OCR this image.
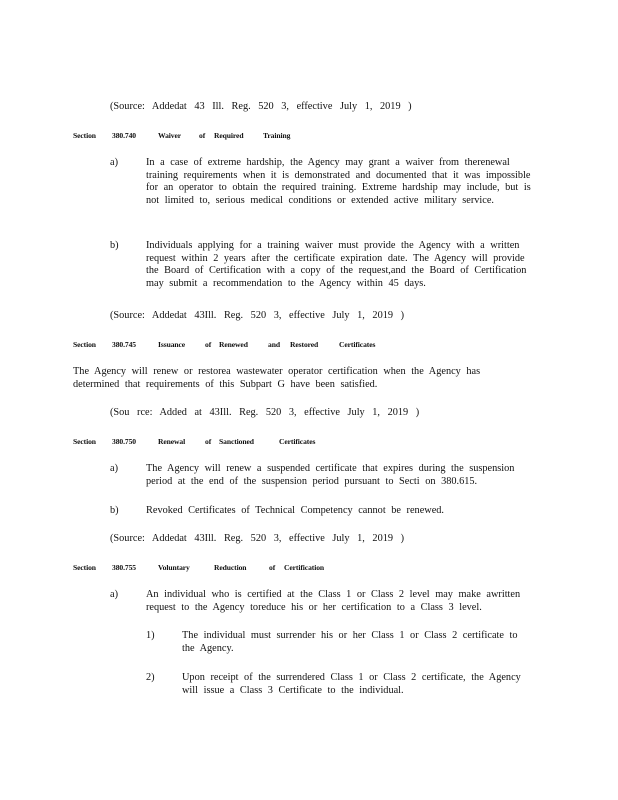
(Source: Addedat 43 Ill. Reg. 520 3, effective July 1, 2019 )
Section 380.740	Waiver of Required	Training
a)	In a case of extreme hardship, the Agency may grant a waiver from therenewal training requirements when it is demonstrated and documented that it was impossible for an operator to obtain the required training. Extreme hardship may include, but is not limited to, serious medical conditions or extended active military service.
b)	Individuals applying for a training waiver must provide the Agency with a written request within 2 years after the certificate expiration date. The Agency will provide the Board of Certification with a copy of the request,and the Board of Certification may submit a recommendation to the Agency within 45 days.
(Source: Addedat 43Ill. Reg. 520 3, effective July 1, 2019 )
Section 380.745	Issuance	of Renewed	and Restored	Certificates
The Agency will renew or restorea wastewater operator certification when the Agency has determined that requirements of this Subpart G have been satisfied.
(Sou rce: Added at 43Ill. Reg. 520 3, effective July 1, 2019 )
Section 380.750	Renewal	of Sanctioned	Certificates
a)	The Agency will renew a suspended certificate that expires during the suspension period at the end of the suspension period pursuant to Secti on 380.615.
b)	Revoked Certificates of Technical Competency cannot be renewed.
(Source: Addedat 43Ill. Reg. 520 3, effective July 1, 2019 )
Section 380.755	Voluntary	Reduction	of Certification
a)	An individual who is certified at the Class 1 or Class 2 level may make awritten request to the Agency toreduce his or her certification to a Class 3 level.
1)	The individual must surrender his or her Class 1 or Class 2 certificate to the Agency.
2)	Upon receipt of the surrendered Class 1 or Class 2 certificate, the Agency will issue a Class 3 Certificate to the individual.
